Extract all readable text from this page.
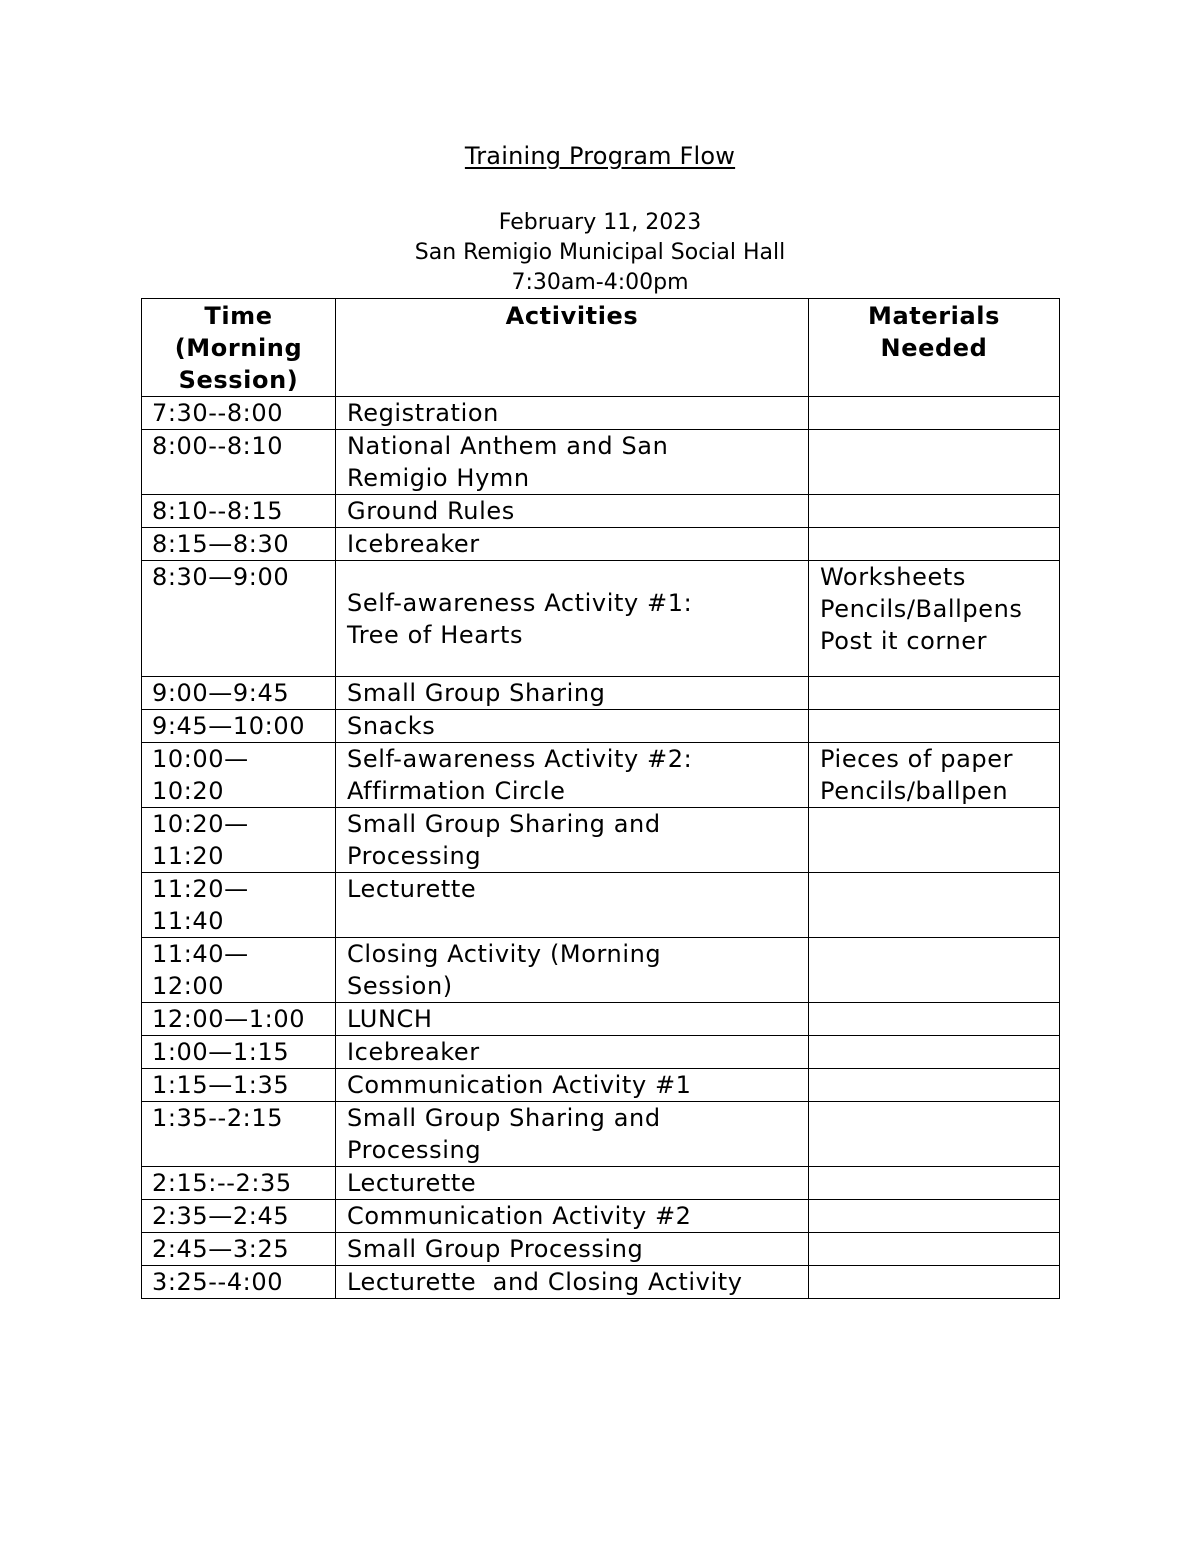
Training Program Flow
February 11, 2023
San Remigio Municipal Social Hall
7:30am-4:00pm
Time
(Morning
Session)	Activities	Materials
Needed

7:30--8:00	Registration	

8:00--8:10	National Anthem and San
Remigio Hymn	

8:10--8:15	Ground Rules	

8:15—8:30	Icebreaker	

8:30—9:00	Self-awareness Activity #1:
Tree of Hearts	Worksheets
Pencils/Ballpens
Post it corner

9:00—9:45	Small Group Sharing	

9:45—10:00	Snacks	

10:00—
10:20	Self-awareness Activity #2:
Affirmation Circle	Pieces of paper
Pencils/ballpen

10:20—
11:20	Small Group Sharing and
Processing	

11:20—
11:40	Lecturette	

11:40—
12:00	Closing Activity (Morning
Session)	

12:00—1:00	LUNCH	

1:00—1:15	Icebreaker	

1:15—1:35	Communication Activity #1	

1:35--2:15	Small Group Sharing and
Processing	

2:15:--2:35	Lecturette	

2:35—2:45	Communication Activity #2	

2:45—3:25	Small Group Processing	

3:25--4:00	Lecturette  and Closing Activity	
